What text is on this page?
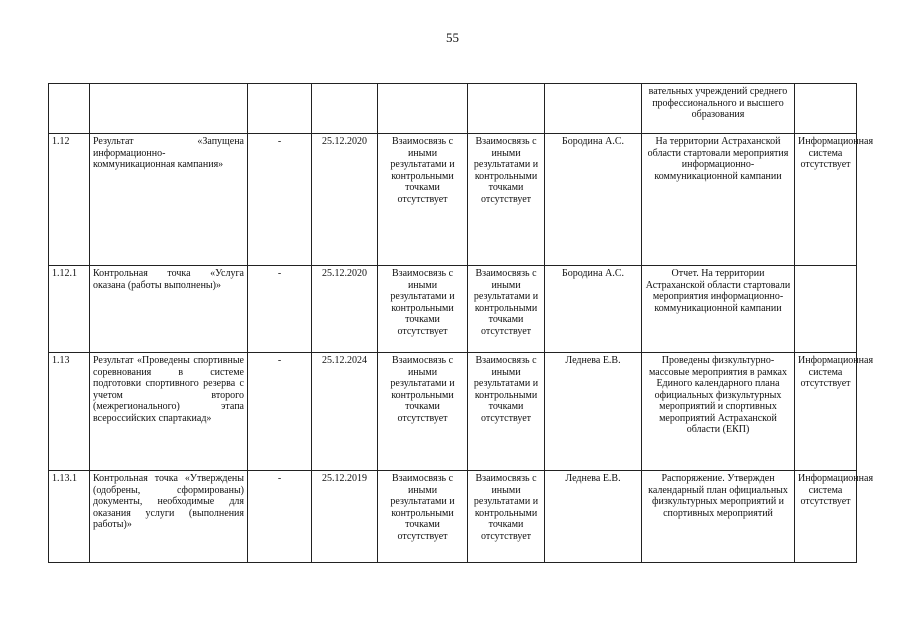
55
							вательных учреждений среднего профессионального и высшего образования	
1.12	Результат «Запущена информационно-коммуникационная кампания»	-	25.12.2020	Взаимосвязь с иными результатами и контрольными точками отсутствует	Взаимосвязь с иными результатами и контрольными точками отсутствует	Бородина А.С.	На территории Астраханской области стартовали мероприятия информационно-коммуникационной кампании	Информационная система отсутствует
1.12.1	Контрольная точка «Услуга оказана (работы выполнены)»	-	25.12.2020	Взаимосвязь с иными результатами и контрольными точками отсутствует	Взаимосвязь с иными результатами и контрольными точками отсутствует	Бородина А.С.	Отчет. На территории Астраханской области стартовали мероприятия информационно-коммуникационной кампании	
1.13	Результат «Проведены спортивные соревнования в системе подготовки спортивного резерва с учетом второго (межрегионального) этапа всероссийских спартакиад»	-	25.12.2024	Взаимосвязь с иными результатами и контрольными точками отсутствует	Взаимосвязь с иными результатами и контрольными точками отсутствует	Леднева Е.В.	Проведены физкультурно-массовые мероприятия в рамках Единого календарного плана официальных физкультурных мероприятий и спортивных мероприятий Астраханской области (ЕКП)	Информационная система отсутствует
1.13.1	Контрольная точка «Утверждены (одобрены, сформированы) документы, необходимые для оказания услуги (выполнения работы)»	-	25.12.2019	Взаимосвязь с иными результатами и контрольными точками отсутствует	Взаимосвязь с иными результатами и контрольными точками отсутствует	Леднева Е.В.	Распоряжение. Утвержден календарный план официальных физкультурных мероприятий и спортивных мероприятий	Информационная система отсутствует
